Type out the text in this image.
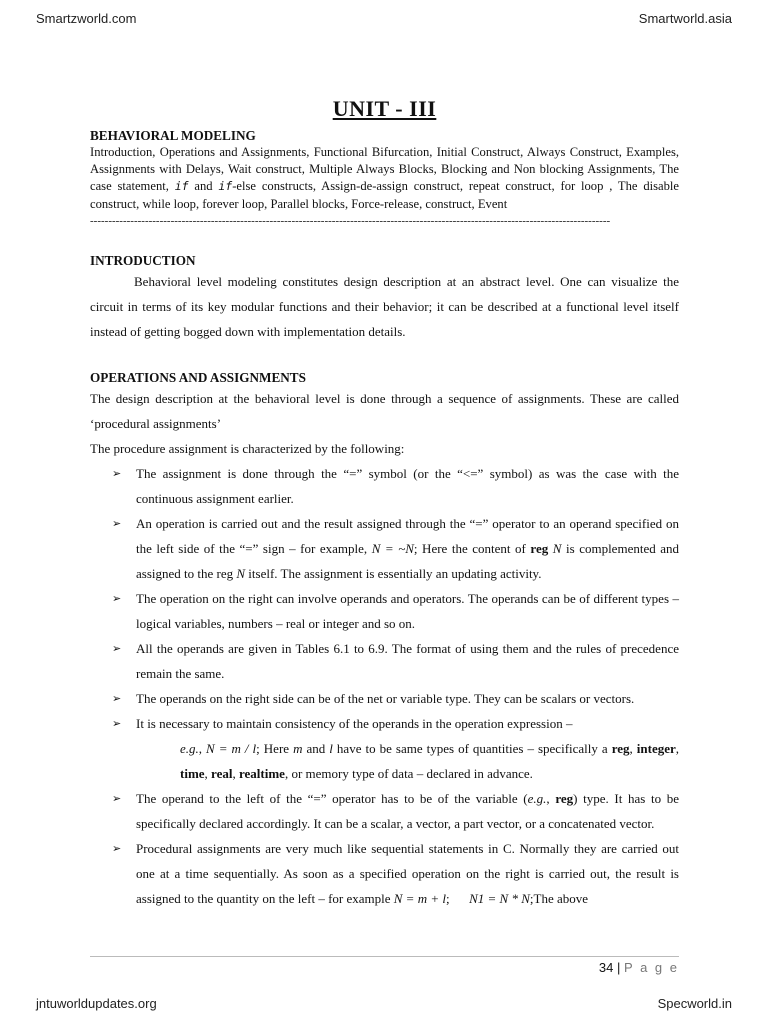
Smartzworld.com	Smartworld.asia
UNIT - III

BEHAVIORAL MODELING

Introduction, Operations and Assignments, Functional Bifurcation, Initial Construct, Always Construct, Examples, Assignments with Delays, Wait construct, Multiple Always Blocks, Blocking and Non blocking Assignments, The case statement, if and if-else constructs, Assign-de-assign construct, repeat construct, for loop , The disable construct, while loop, forever loop, Parallel blocks, Force-release, construct, Event

----------------------------------------------------------------------------------------------------------------------------------------------

INTRODUCTION

Behavioral level modeling constitutes design description at an abstract level. One can visualize the circuit in terms of its key modular functions and their behavior; it can be described at a functional level itself instead of getting bogged down with implementation details.

OPERATIONS AND ASSIGNMENTS

The design description at the behavioral level is done through a sequence of assignments. These are called ‘procedural assignments’

The procedure assignment is characterized by the following:

➢ The assignment is done through the “=” symbol (or the “<=” symbol) as was the case with the continuous assignment earlier.
➢ An operation is carried out and the result assigned through the “=” operator to an operand specified on the left side of the “=” sign – for example, N = ~N; Here the content of reg N is complemented and assigned to the reg N itself. The assignment is essentially an updating activity.
➢ The operation on the right can involve operands and operators. The operands can be of different types – logical variables, numbers – real or integer and so on.
➢ All the operands are given in Tables 6.1 to 6.9. The format of using them and the rules of precedence remain the same.
➢ The operands on the right side can be of the net or variable type. They can be scalars or vectors.
➢ It is necessary to maintain consistency of the operands in the operation expression –

e.g., N = m / l; Here m and l have to be same types of quantities – specifically a reg, integer, time, real, realtime, or memory type of data – declared in advance.

➢ The operand to the left of the “=” operator has to be of the variable (e.g., reg) type. It has to be specifically declared accordingly. It can be a scalar, a vector, a part vector, or a concatenated vector.
➢ Procedural assignments are very much like sequential statements in C. Normally they are carried out one at a time sequentially. As soon as a specified operation on the right is carried out, the result is assigned to the quantity on the left – for example N = m + l;      N1 = N * N;The above
34 | P a g e
jntuworldupdates.org	Specworld.in
